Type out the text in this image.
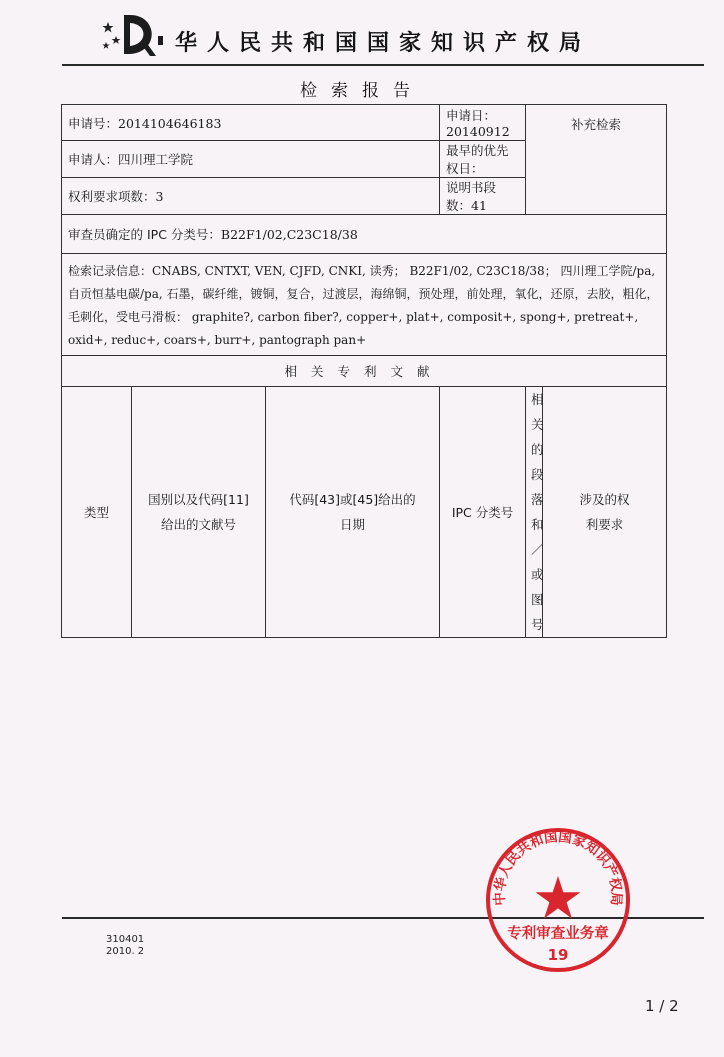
华人民共和国国家知识产权局
检索报告
申请号：2014104646183			申请日：20140912	补充检索	
申请人：四川理工学院			最早的优先权日：		
权利要求项数：3			说明书段数：41		
审查员确定的 IPC 分类号：B22F1/02,C23C18/38					
检索记录信息：CNABS, CNTXT, VEN, CJFD, CNKI, 读秀； B22F1/02, C23C18/38； 四川理工学院/pa, 自贡恒基电碳/pa, 石墨，碳纤维，镀铜，复合，过渡层，海绵铜，预处理，前处理，氧化，还原，去胶，粗化，毛刺化，受电弓滑板： graphite?, carbon fiber?, copper+, plat+, composit+, spong+, pretreat+, oxid+, reduc+, coars+, burr+, pantograph pan+					
相关专利文献					
类型	国别以及代码[11]给出的文献号	代码[43]或[45]给出的日期	IPC 分类号	相关的段落和／或图号	涉及的权利要求
310401
2010. 2
中华人民共和国国家知识产权局
专利审查业务章
19
1 / 2
